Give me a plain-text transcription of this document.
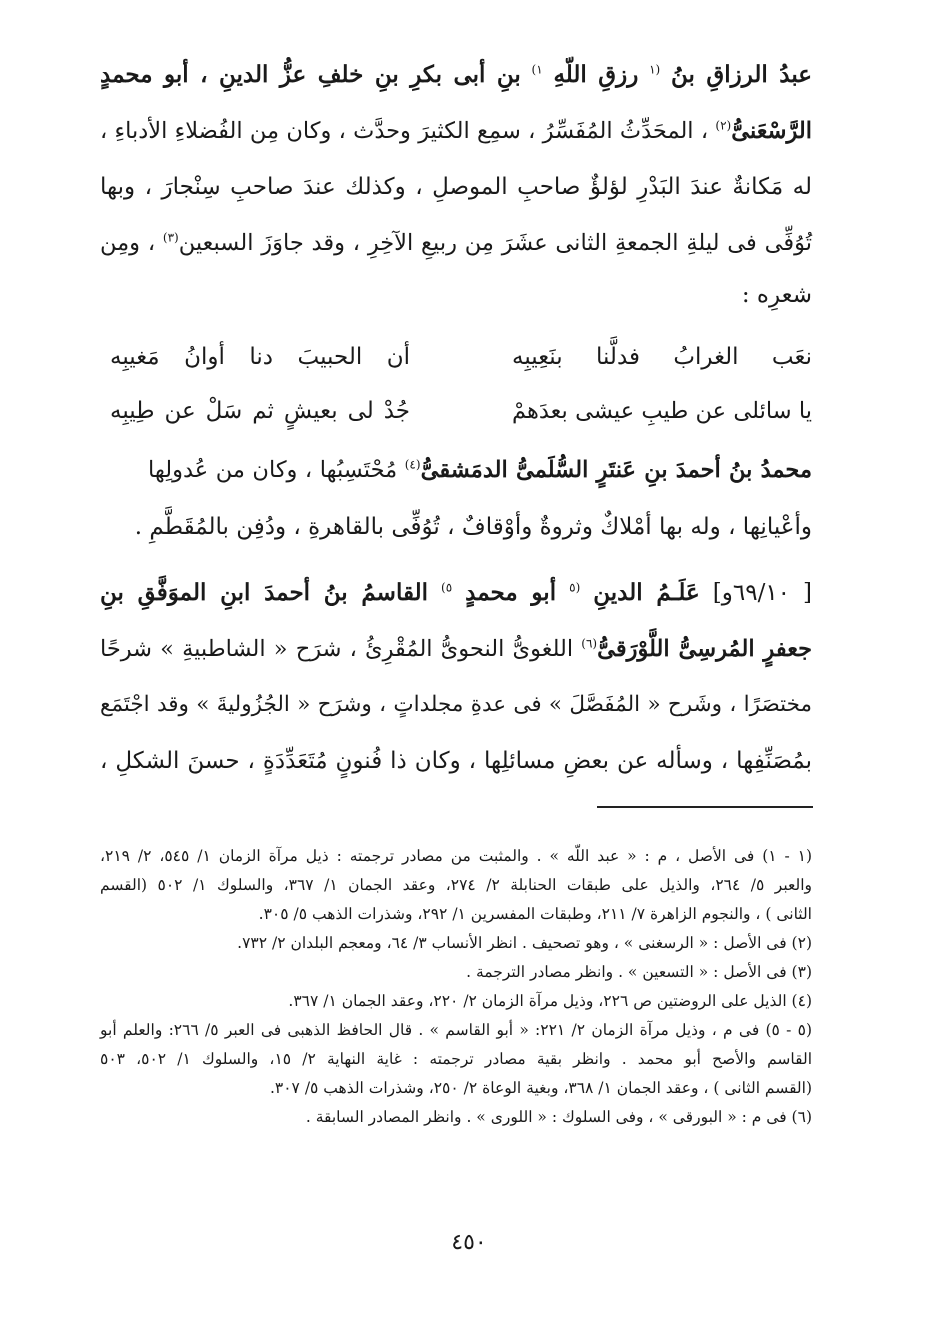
عبدُ الرزاقِ بنُ $^{(١}$ رزقِ اللّهِ $^{١)}$ بنِ أبى بكرِ بنِ خلفِ عزُّ الدينِ ، أبو محمدٍ
الرَّسْعَنىُّ$^{(٢)}$ ، المحَدِّثُ المُفَسِّرُ ، سمِع الكثيرَ وحدَّث ، وكان مِن الفُضلاءِ الأدباءِ ،
له مَكانةٌ عندَ البَدْرِ لؤلؤٌ صاحبِ الموصلِ ، وكذلك عندَ صاحبِ سِنْجارَ ، وبها
تُوُفِّى فى ليلةِ الجمعةِ الثانى عشَرَ مِن ربيعِ الآخِرِ ، وقد جاوَزَ السبعين$^{(٣)}$ ، ومِن
شعرِه :
نعَب الغرابُ فدلَّنا بنَعِيبِه
أن الحبيبَ دنا أوانُ مَغيبِه
يا سائلى عن طيبِ عيشى بعدَهمْ
جُدْ لى بعيشٍ ثم سَلْ عن طِيبِه
محمدُ بنُ أحمدَ بنِ عَنتَرٍ السُّلَمىُّ الدمَشقىُّ$^{(٤)}$ مُحْتَسِبُها ، وكان من عُدولِها
وأعْيانِها ، وله بها أمْلاكٌ وثروةٌ وأوْقافٌ ، تُوُفِّى بالقاهرةِ ، ودُفِن بالمُقَطَّمِ .
[ ٦٩/١٠و] عَلَـمُ الدينِ $^{(٥}$ أبو محمدٍ $^{٥)}$ القاسمُ بنُ أحمدَ ابنِ الموَفَّقِ بنِ
جعفرٍ المُرسِىُّ اللَّوْرَقىُّ$^{(٦)}$ اللغوىُّ النحوىُّ المُقْرِئُ ، شرَح « الشاطبيةِ » شرحًا
مختصَرًا ، وشَرح « المُفَصَّلَ » فى عدةِ مجلداتٍ ، وشرَح « الجُزُوليةَ » وقد اجْتَمَع
بمُصَنِّفِها ، وسأله عن بعضِ مسائلِها ، وكان ذا فُنونٍ مُتَعَدِّدَةٍ ، حسنَ الشكلِ ،
(١ - ١) فى الأصل ، م : « عبد اللّه » . والمثبت من مصادر ترجمته : ذيل مرآة الزمان ١/ ٥٤٥، ٢/ ٢١٩،
والعبر ٥/ ٢٦٤، والذيل على طبقات الحنابلة ٢/ ٢٧٤، وعقد الجمان ١/ ٣٦٧، والسلوك ١/ ٥٠٢ (القسم
الثانى ) ، والنجوم الزاهرة ٧/ ٢١١، وطبقات المفسرين ١/ ٢٩٢، وشذرات الذهب ٥/ ٣٠٥.
(٢) فى الأصل : « الرسغنى » ، وهو تصحيف . انظر الأنساب ٣/ ٦٤، ومعجم البلدان ٢/ ٧٣٢.
(٣) فى الأصل : « التسعين » . وانظر مصادر الترجمة .
(٤) الذيل على الروضتين ص ٢٢٦، وذيل مرآة الزمان ٢/ ٢٢٠، وعقد الجمان ١/ ٣٦٧.
(٥ - ٥) فى م ، وذيل مرآة الزمان ٢/ ٢٢١: « أبو القاسم » . قال الحافظ الذهبى فى العبر ٥/ ٢٦٦: والعلم أبو
القاسم والأصح أبو محمد . وانظر بقية مصادر ترجمته : غاية النهاية ٢/ ١٥، والسلوك ١/ ٥٠٢، ٥٠٣
(القسم الثانى ) ، وعقد الجمان ١/ ٣٦٨، وبغية الوعاة ٢/ ٢٥٠، وشذرات الذهب ٥/ ٣٠٧.
(٦) فى م : « البورقى » ، وفى السلوك : « اللورى » . وانظر المصادر السابقة .
٤٥٠
